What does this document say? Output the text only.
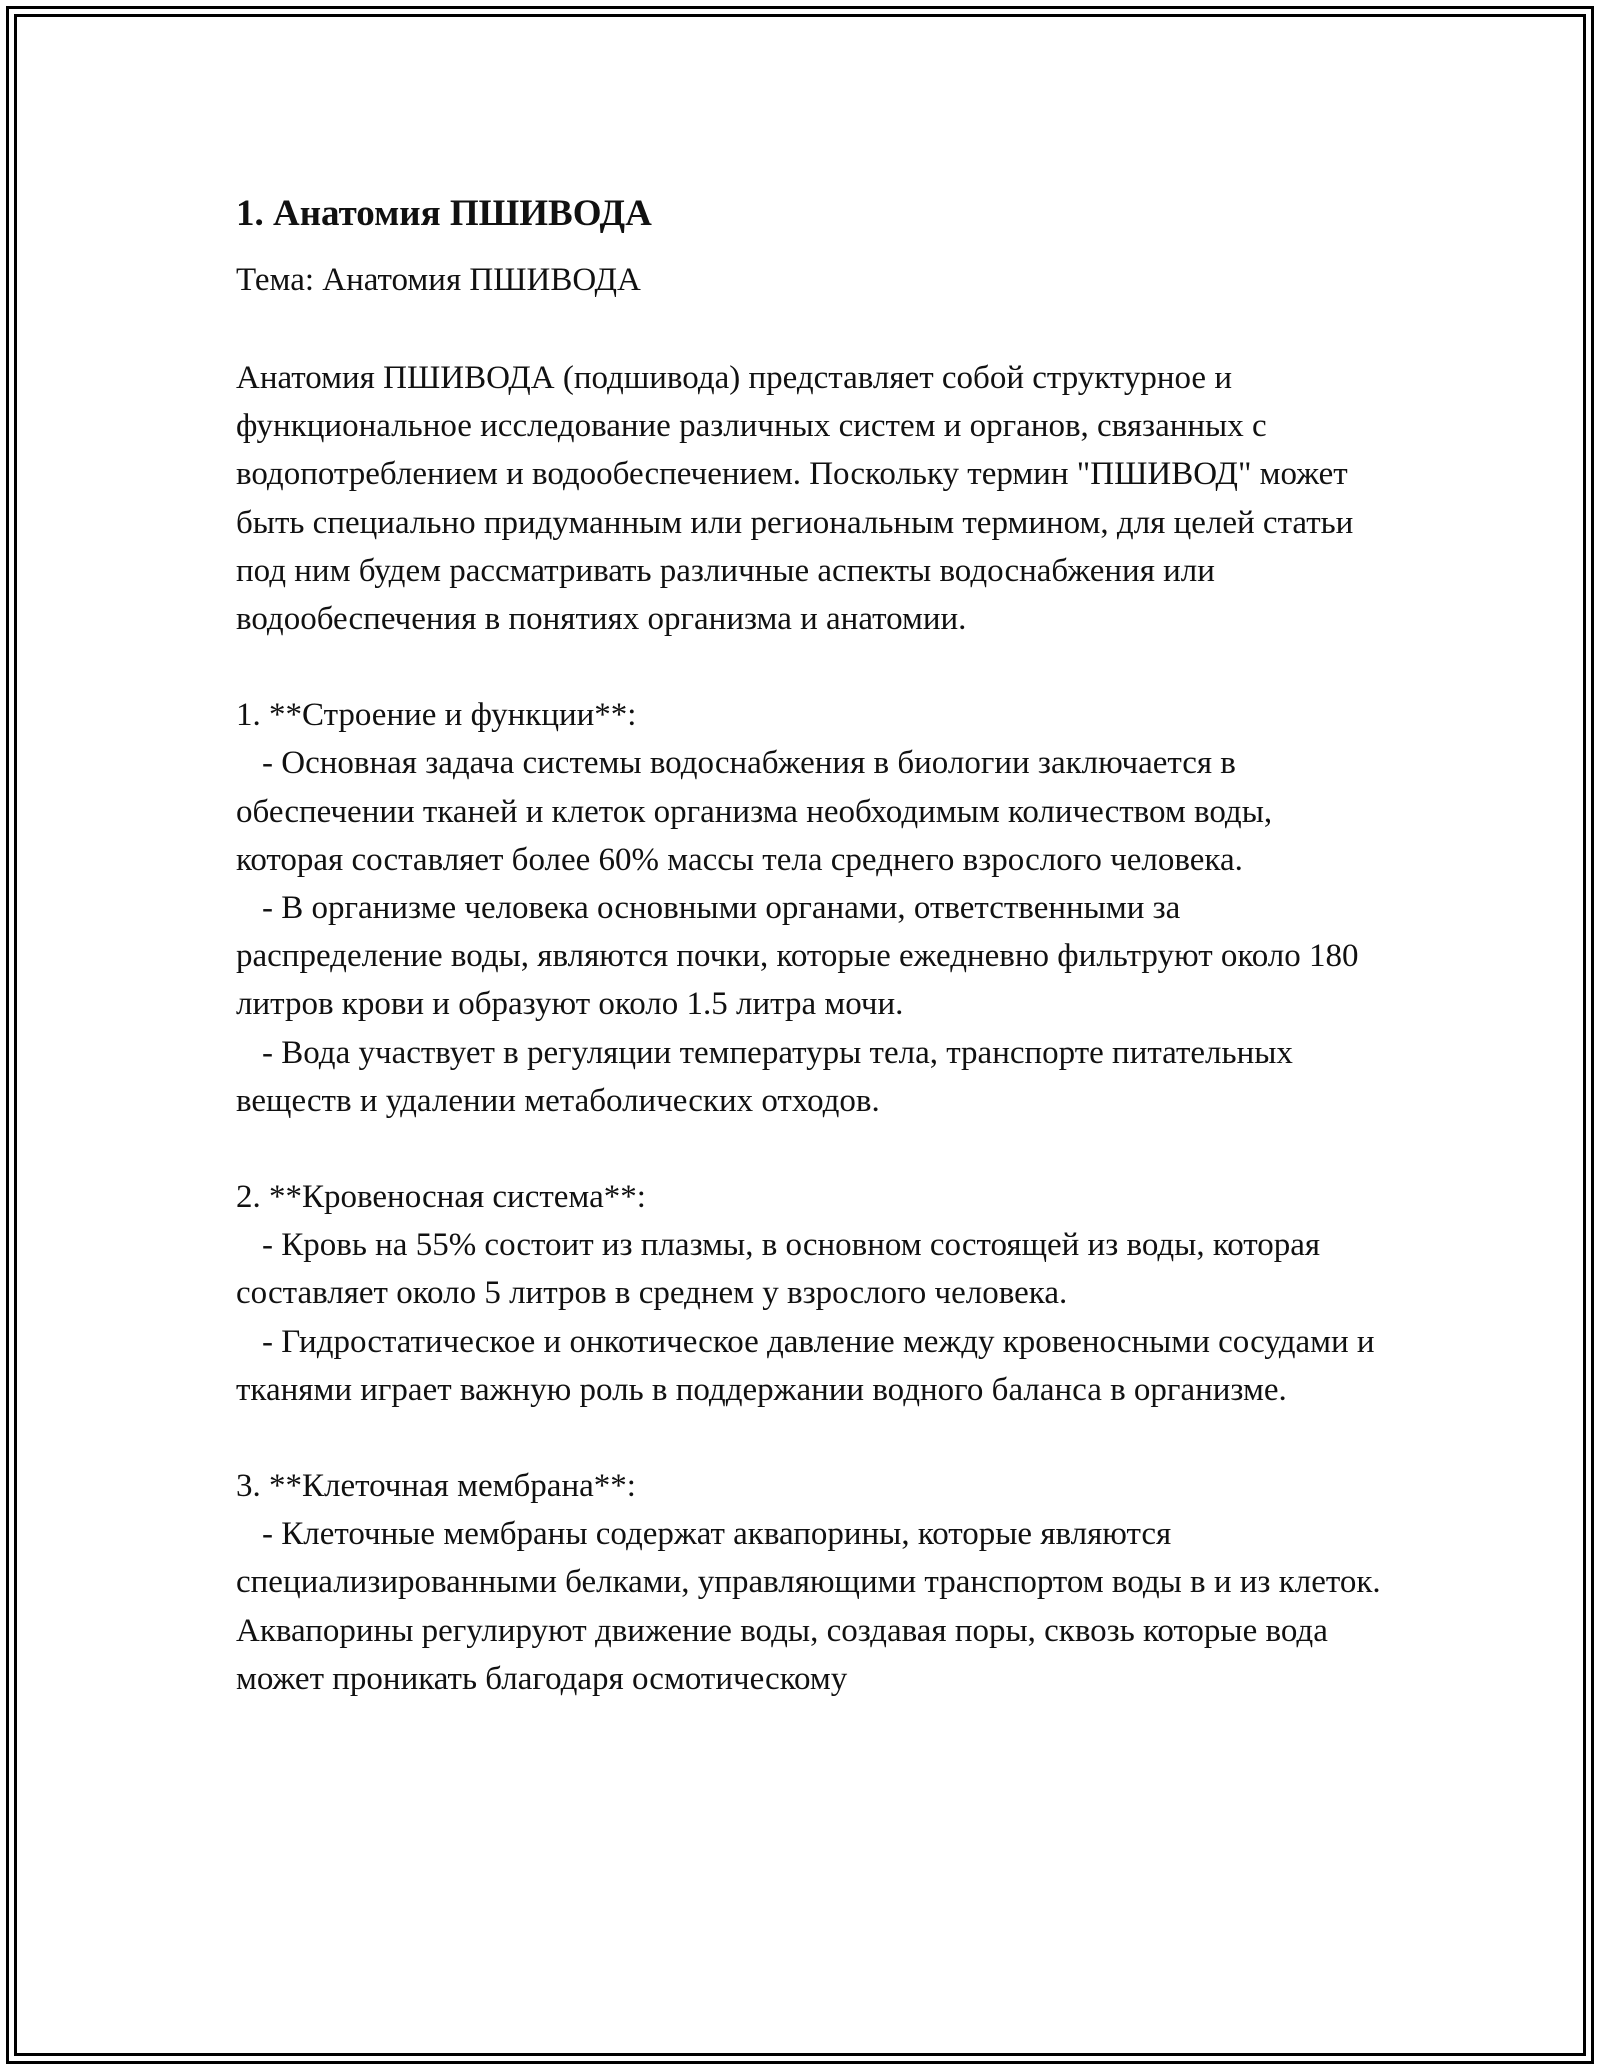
1. Анатомия ПШИВОДА

Тема: Анатомия ПШИВОДА

Анатомия ПШИВОДА (подшивода) представляет собой структурное и функциональное исследование различных систем и органов, связанных с водопотреблением и водообеспечением. Поскольку термин "ПШИВОД" может быть специально придуманным или региональным термином, для целей статьи под ним будем рассматривать различные аспекты водоснабжения или водообеспечения в понятиях организма и анатомии.

1. **Строение и функции**:

- Основная задача системы водоснабжения в биологии заключается в обеспечении тканей и клеток организма необходимым количеством воды, которая составляет более 60% массы тела среднего взрослого человека.

- В организме человека основными органами, ответственными за распределение воды, являются почки, которые ежедневно фильтруют около 180 литров крови и образуют около 1.5 литра мочи.

- Вода участвует в регуляции температуры тела, транспорте питательных веществ и удалении метаболических отходов.

2. **Кровеносная система**:

- Кровь на 55% состоит из плазмы, в основном состоящей из воды, которая составляет около 5 литров в среднем у взрослого человека.

- Гидростатическое и онкотическое давление между кровеносными сосудами и тканями играет важную роль в поддержании водного баланса в организме.

3. **Клеточная мембрана**:

- Клеточные мембраны содержат аквапорины, которые являются специализированными белками, управляющими транспортом воды в и из клеток. Аквапорины регулируют движение воды, создавая поры, сквозь которые вода может проникать благодаря осмотическому
